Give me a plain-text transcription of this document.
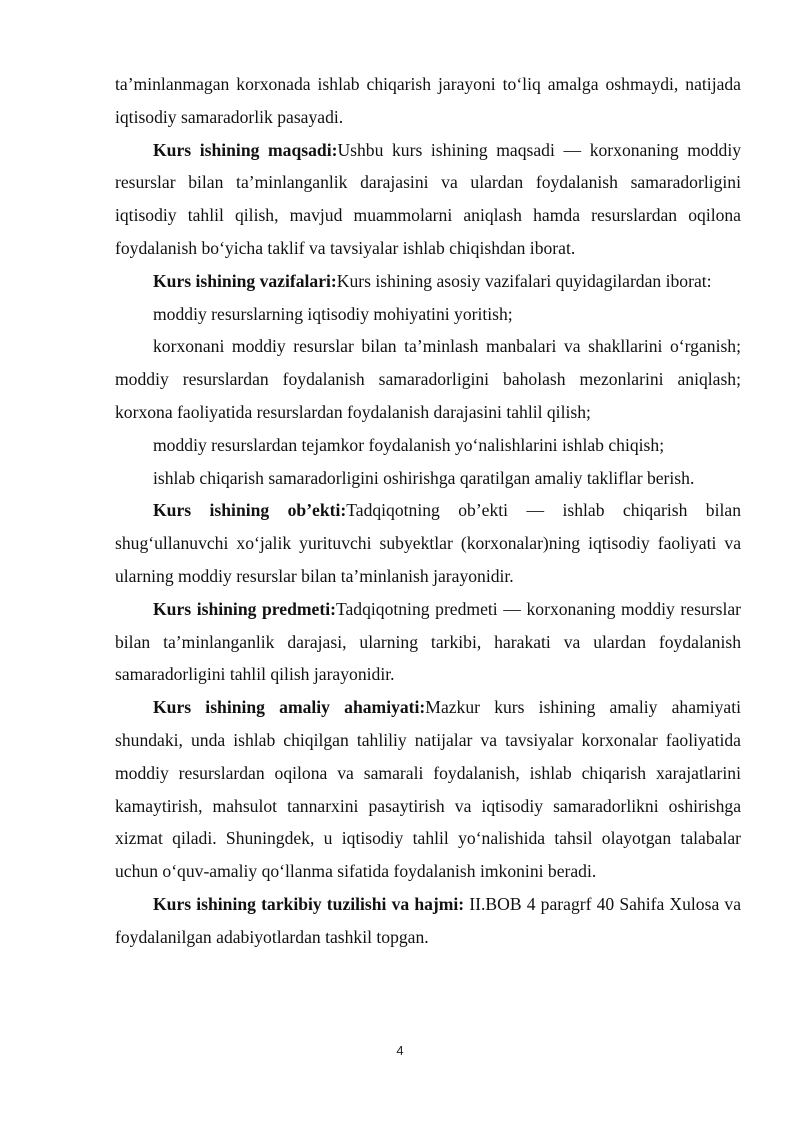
ta’minlanmagan korxonada ishlab chiqarish jarayoni to‘liq amalga oshmaydi, natijada iqtisodiy samaradorlik pasayadi.

Kurs ishining maqsadi:Ushbu kurs ishining maqsadi — korxonaning moddiy resurslar bilan ta’minlanganlik darajasini va ulardan foydalanish samaradorligini iqtisodiy tahlil qilish, mavjud muammolarni aniqlash hamda resurslardan oqilona foydalanish bo‘yicha taklif va tavsiyalar ishlab chiqishdan iborat.

Kurs ishining vazifalari:Kurs ishining asosiy vazifalari quyidagilardan iborat:

moddiy resurslarning iqtisodiy mohiyatini yoritish;

korxonani moddiy resurslar bilan ta’minlash manbalari va shakllarini o‘rganish; moddiy resurslardan foydalanish samaradorligini baholash mezonlarini aniqlash; korxona faoliyatida resurslardan foydalanish darajasini tahlil qilish;

moddiy resurslardan tejamkor foydalanish yo‘nalishlarini ishlab chiqish;

ishlab chiqarish samaradorligini oshirishga qaratilgan amaliy takliflar berish.

Kurs ishining ob’ekti:Tadqiqotning ob’ekti — ishlab chiqarish bilan shug‘ullanuvchi xo‘jalik yurituvchi subyektlar (korxonalar)ning iqtisodiy faoliyati va ularning moddiy resurslar bilan ta’minlanish jarayonidir.

Kurs ishining predmeti:Tadqiqotning predmeti — korxonaning moddiy resurslar bilan ta’minlanganlik darajasi, ularning tarkibi, harakati va ulardan foydalanish samaradorligini tahlil qilish jarayonidir.

Kurs ishining amaliy ahamiyati:Mazkur kurs ishining amaliy ahamiyati shundaki, unda ishlab chiqilgan tahliliy natijalar va tavsiyalar korxonalar faoliyatida moddiy resurslardan oqilona va samarali foydalanish, ishlab chiqarish xarajatlarini kamaytirish, mahsulot tannarxini pasaytirish va iqtisodiy samaradorlikni oshirishga xizmat qiladi. Shuningdek, u iqtisodiy tahlil yo‘nalishida tahsil olayotgan talabalar uchun o‘quv-amaliy qo‘llanma sifatida foydalanish imkonini beradi.

Kurs ishining tarkibiy tuzilishi va hajmi: II.BOB 4 paragrf 40 Sahifa Xulosa va foydalanilgan adabiyotlardan tashkil topgan.

4
